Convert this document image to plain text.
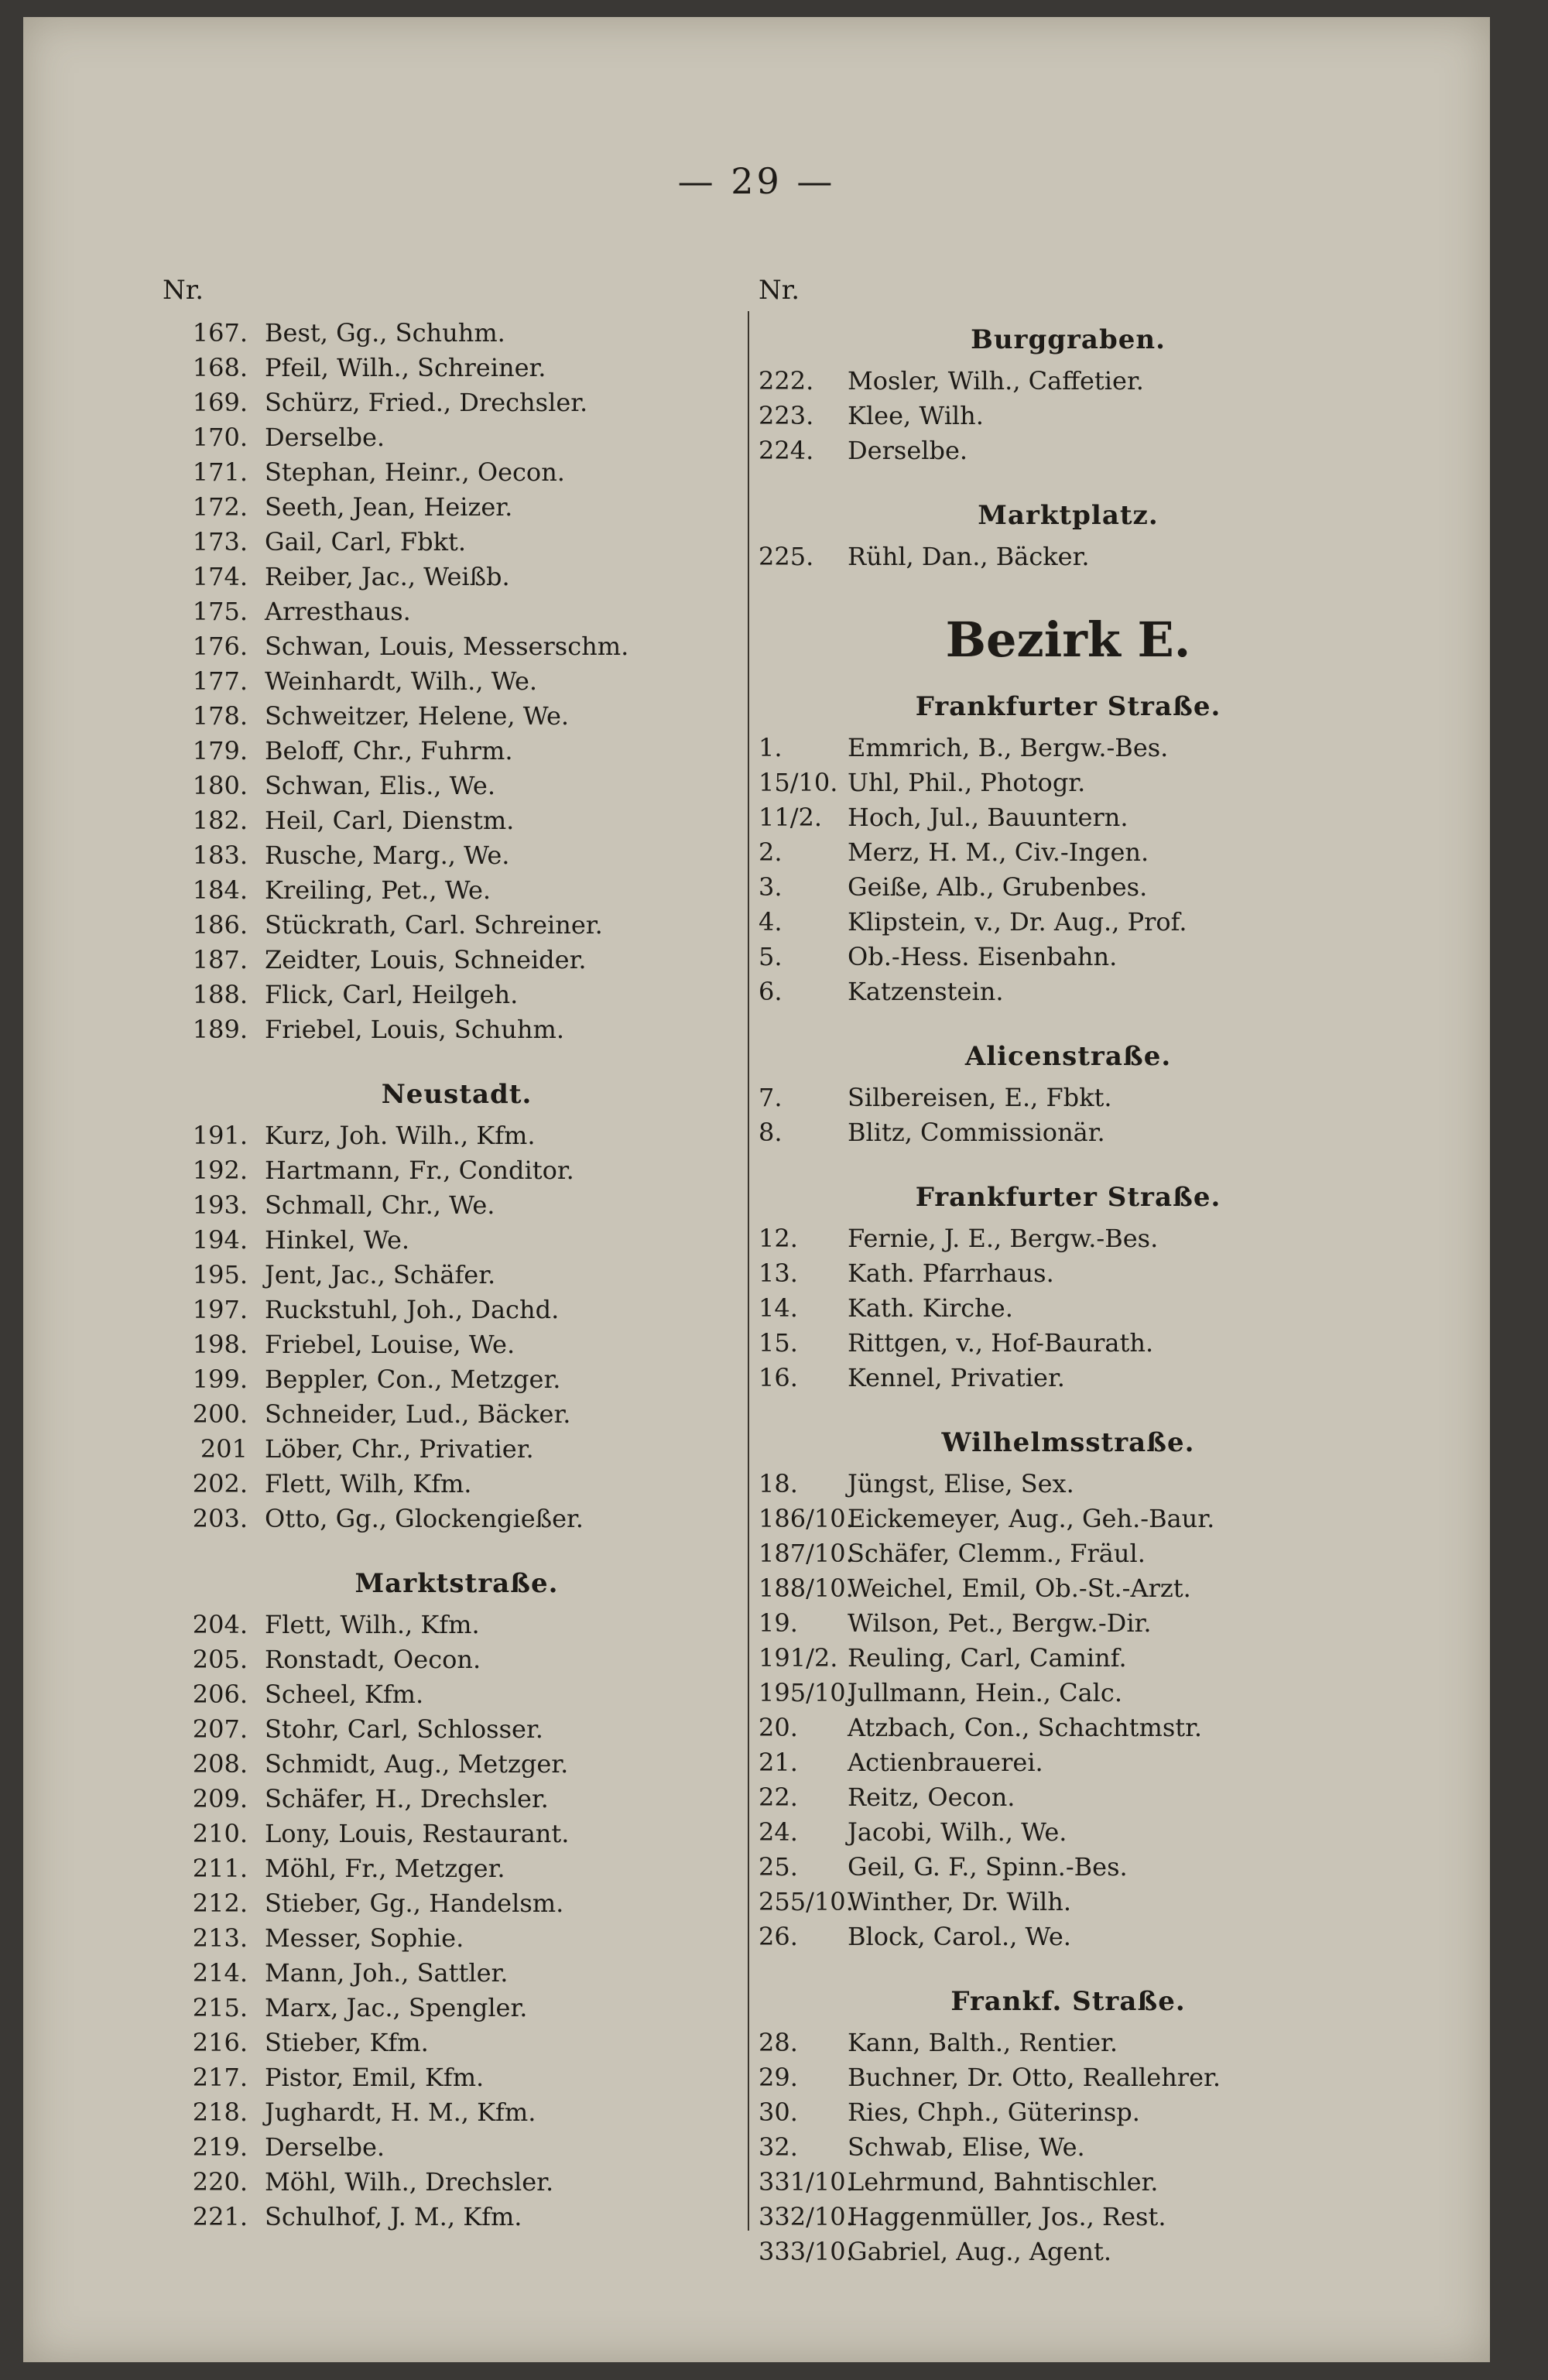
— 29 —
Nr.
167. Best, Gg., Schuhm.
168. Pfeil, Wilh., Schreiner.
169. Schürz, Fried., Drechsler.
170. Derselbe.
171. Stephan, Heinr., Oecon.
172. Seeth, Jean, Heizer.
173. Gail, Carl, Fbkt.
174. Reiber, Jac., Weißb.
175. Arresthaus.
176. Schwan, Louis, Messerschm.
177. Weinhardt, Wilh., We.
178. Schweitzer, Helene, We.
179. Beloff, Chr., Fuhrm.
180. Schwan, Elis., We.
182. Heil, Carl, Dienstm.
183. Rusche, Marg., We.
184. Kreiling, Pet., We.
186. Stückrath, Carl. Schreiner.
187. Zeidter, Louis, Schneider.
188. Flick, Carl, Heilgeh.
189. Friebel, Louis, Schuhm.
Neustadt.
191. Kurz, Joh. Wilh., Kfm.
192. Hartmann, Fr., Conditor.
193. Schmall, Chr., We.
194. Hinkel, We.
195. Jent, Jac., Schäfer.
197. Ruckstuhl, Joh., Dachd.
198. Friebel, Louise, We.
199. Beppler, Con., Metzger.
200. Schneider, Lud., Bäcker.
201 Löber, Chr., Privatier.
202. Flett, Wilh, Kfm.
203. Otto, Gg., Glockengießer.
Marktstraße.
204. Flett, Wilh., Kfm.
205. Ronstadt, Oecon.
206. Scheel, Kfm.
207. Stohr, Carl, Schlosser.
208. Schmidt, Aug., Metzger.
209. Schäfer, H., Drechsler.
210. Lony, Louis, Restaurant.
211. Möhl, Fr., Metzger.
212. Stieber, Gg., Handelsm.
213. Messer, Sophie.
214. Mann, Joh., Sattler.
215. Marx, Jac., Spengler.
216. Stieber, Kfm.
217. Pistor, Emil, Kfm.
218. Jughardt, H. M., Kfm.
219. Derselbe.
220. Möhl, Wilh., Drechsler.
221. Schulhof, J. M., Kfm.
Nr.
Burggraben.
222. Mosler, Wilh., Caffetier.
223. Klee, Wilh.
224. Derselbe.
Marktplatz.
225. Rühl, Dan., Bäcker.
Bezirk E.
Frankfurter Straße.
1.	Emmrich, B., Bergw.-Bes.
15/10. Uhl, Phil., Photogr.
11/2. Hoch, Jul., Bauuntern.
2.	Merz, H. M., Civ.-Ingen.
3.	Geiße, Alb., Grubenbes.
4.	Klipstein, v., Dr. Aug., Prof.
5.	Ob.-Hess. Eisenbahn.
6.	Katzenstein.
Alicenstraße.
7.	Silbereisen, E., Fbkt.
8.	Blitz, Commissionär.
Frankfurter Straße.
12. Fernie, J. E., Bergw.-Bes.
13. Kath. Pfarrhaus.
14. Kath. Kirche.
15. Rittgen, v., Hof-Baurath.
16. Kennel, Privatier.
Wilhelmsstraße.
18. Jüngst, Elise, Sex.
186/10.Eickemeyer, Aug., Geh.-Baur.
187/10.Schäfer, Clemm., Fräul.
188/10.Weichel, Emil, Ob.-St.-Arzt.
19. Wilson, Pet., Bergw.-Dir.
191/2. Reuling, Carl, Caminf.
195/10.Jullmann, Hein., Calc.
20. Atzbach, Con., Schachtmstr.
21. Actienbrauerei.
22. Reitz, Oecon.
24. Jacobi, Wilh., We.
25. Geil, G. F., Spinn.-Bes.
255/10.Winther, Dr. Wilh.
26. Block, Carol., We.
Frankf. Straße.
28. Kann, Balth., Rentier.
29. Buchner, Dr. Otto, Reallehrer.
30. Ries, Chph., Güterinsp.
32. Schwab, Elise, We.
331/10.Lehrmund, Bahntischler.
332/10.Haggenmüller, Jos., Rest.
333/10.Gabriel, Aug., Agent.
